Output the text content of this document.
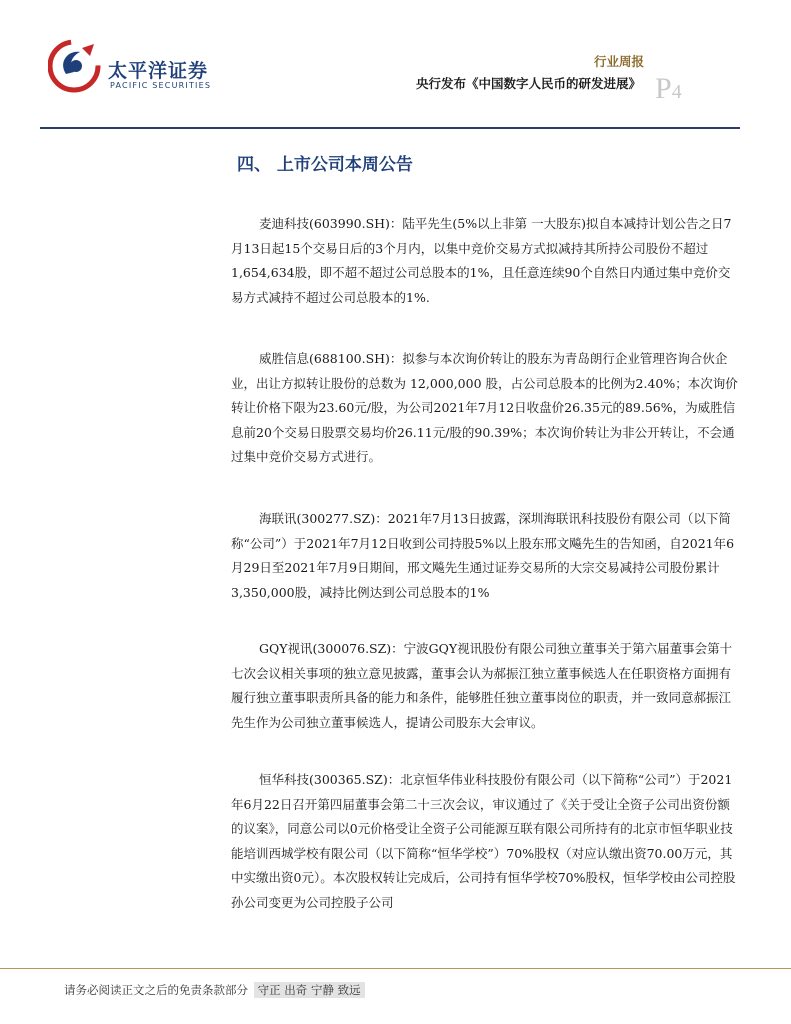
太平洋证券
PACIFIC SECURITIES
行业周报
央行发布《中国数字人民币的研发进展》 P4
四、 上市公司本周公告

麦迪科技(603990.SH)：陆平先生(5%以上非第 一大股东)拟自本减持计划公告之日7月13日起15个交易日后的3个月内，以集中竞价交易方式拟减持其所持公司股份不超过1,654,634股，即不超不超过公司总股本的1%，且任意连续90个自然日内通过集中竞价交易方式减持不超过公司总股本的1%.

威胜信息(688100.SH)：拟参与本次询价转让的股东为青岛朗行企业管理咨询合伙企业，出让方拟转让股份的总数为 12,000,000 股，占公司总股本的比例为2.40%；本次询价转让价格下限为23.60元/股，为公司2021年7月12日收盘价26.35元的89.56%，为威胜信息前20个交易日股票交易均价26.11元/股的90.39%；本次询价转让为非公开转让，不会通过集中竞价交易方式进行。

海联讯(300277.SZ)：2021年7月13日披露，深圳海联讯科技股份有限公司（以下简称“公司”）于2021年7月12日收到公司持股5%以上股东邢文飚先生的告知函，自2021年6月29日至2021年7月9日期间，邢文飚先生通过证券交易所的大宗交易减持公司股份累计3,350,000股，减持比例达到公司总股本的1%

GQY视讯(300076.SZ)：宁波GQY视讯股份有限公司独立董事关于第六届董事会第十七次会议相关事项的独立意见披露，董事会认为郝振江独立董事候选人在任职资格方面拥有履行独立董事职责所具备的能力和条件，能够胜任独立董事岗位的职责，并一致同意郝振江先生作为公司独立董事候选人，提请公司股东大会审议。

恒华科技(300365.SZ)：北京恒华伟业科技股份有限公司（以下简称“公司”）于2021年6月22日召开第四届董事会第二十三次会议，审议通过了《关于受让全资子公司出资份额的议案》，同意公司以0元价格受让全资子公司能源互联有限公司所持有的北京市恒华职业技能培训西城学校有限公司（以下简称“恒华学校”）70%股权（对应认缴出资70.00万元，其中实缴出资0元）。本次股权转让完成后，公司持有恒华学校70%股权，恒华学校由公司控股孙公司变更为公司控股子公司

请务必阅读正文之后的免责条款部分 守正 出奇 宁静 致远
